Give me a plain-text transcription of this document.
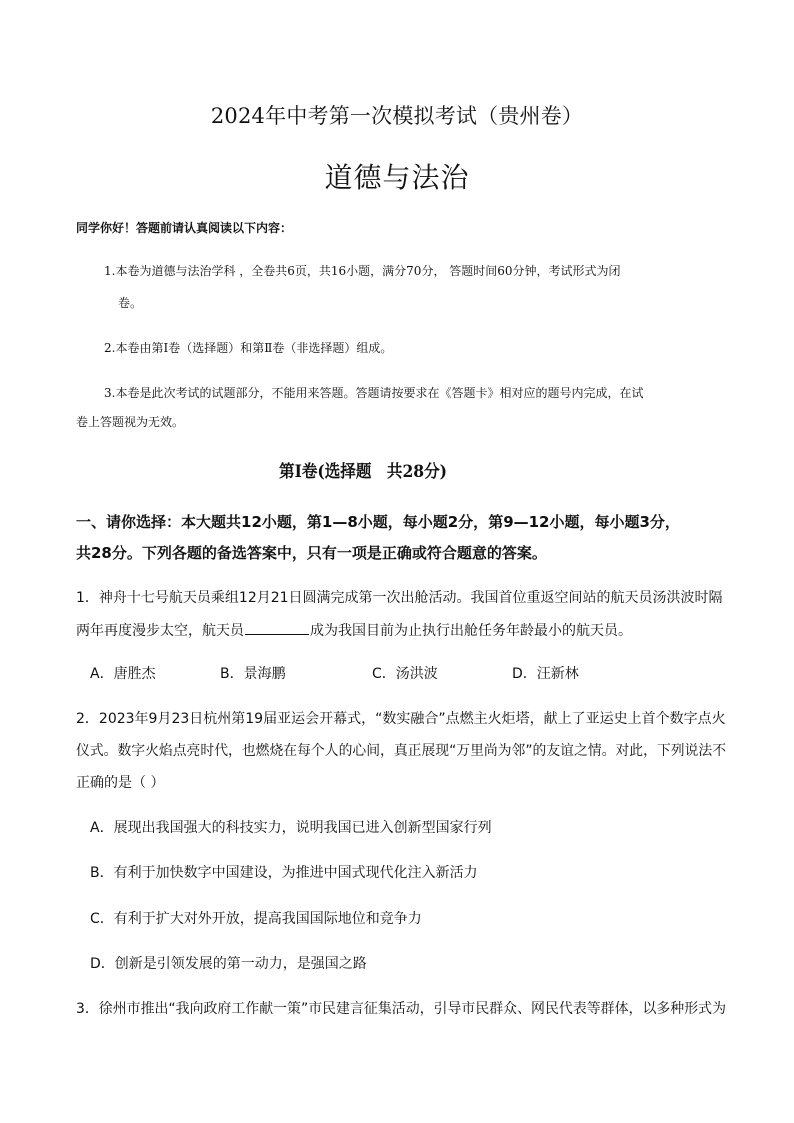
2024年中考第一次模拟考试（贵州卷）
道德与法治
同学你好！答题前请认真阅读以下内容：
1.本卷为道德与法治学科 ，全卷共6页，共16小题，满分70分， 答题时间60分钟，考试形式为闭
卷。
2.本卷由第Ⅰ卷（选择题）和第Ⅱ卷（非选择题）组成。
3.本卷是此次考试的试题部分，不能用来答题。答题请按要求在《答题卡》相对应的题号内完成，在试
卷上答题视为无效。
第Ⅰ卷(选择题　共28分)
一、请你选择：本大题共12小题，第1—8小题，每小题2分，第9—12小题，每小题3分，
共28分。下列各题的备选答案中，只有一项是正确或符合题意的答案。
1．神舟十七号航天员乘组12月21日圆满完成第一次出舱活动。我国首位重返空间站的航天员汤洪波时隔
两年再度漫步太空，航天员	成为我国目前为止执行出舱任务年龄最小的航天员。
A．唐胜杰	B．景海鹏	C．汤洪波	D．汪新林
2．2023年9月23日杭州第19届亚运会开幕式，“数实融合”点燃主火炬塔，献上了亚运史上首个数字点火
仪式。数字火焰点亮时代，也燃烧在每个人的心间，真正展现“万里尚为邻”的友谊之情。对此，下列说法不
正确的是（ ）
A．展现出我国强大的科技实力，说明我国已进入创新型国家行列
B．有利于加快数字中国建设，为推进中国式现代化注入新活力
C．有利于扩大对外开放，提高我国国际地位和竞争力
D．创新是引领发展的第一动力，是强国之路
3．徐州市推出“我向政府工作献一策”市民建言征集活动，引导市民群众、网民代表等群体，以多种形式为
